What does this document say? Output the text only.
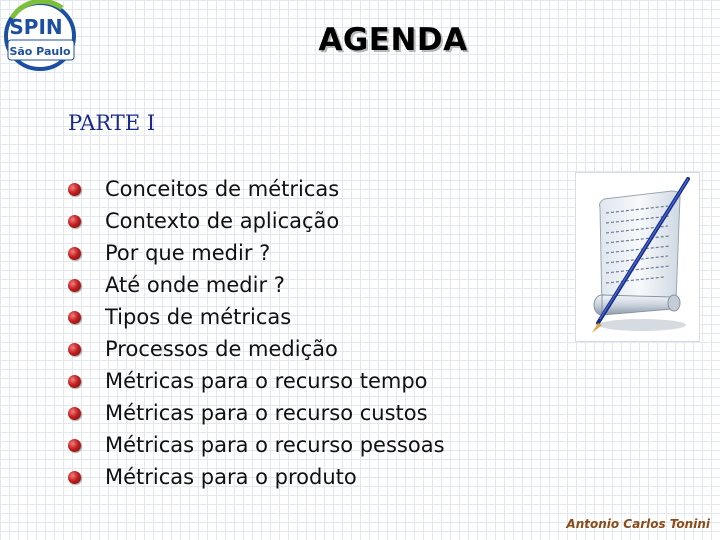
SPIN
São Paulo	AGENDA
PARTE I
Conceitos de métricas
Contexto de aplicação
Por que medir ?
Até onde medir ?
Tipos de métricas
Processos de medição
Métricas para o recurso tempo
Métricas para o recurso custos
Métricas para o recurso pessoas
Métricas para o produto
Antonio Carlos Tonini
